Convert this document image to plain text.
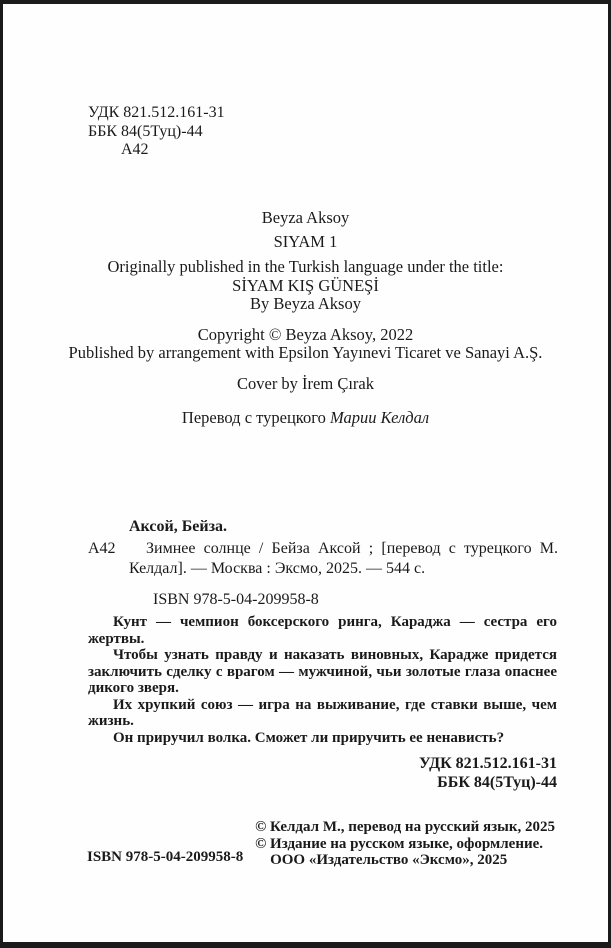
УДК 821.512.161-31
ББК 84(5Туц)-44
А42
Beyza Aksoy
SIYAM 1
Originally published in the Turkish language under the title:
SİYAM KIŞ GÜNEŞİ
By Beyza Aksoy
Copyright © Beyza Aksoy, 2022
Published by arrangement with Epsilon Yayınevi Ticaret ve Sanayi A.Ş.
Cover by İrem Çırak
Перевод с турецкого Марии Келдал

Аксой, Бейза.

А42	Зимнее солнце / Бейза Аксой ; [перевод с турецкого М. Келдал]. — Москва : Эксмо, 2025. — 544 с.

ISBN 978-5-04-209958-8

Кунт — чемпион боксерского ринга, Караджа — сестра его жертвы.

Чтобы узнать правду и наказать виновных, Карадже придется заключить сделку с врагом — мужчиной, чьи золотые глаза опаснее дикого зверя.

Их хрупкий союз — игра на выживание, где ставки выше, чем жизнь.

Он приручил волка. Сможет ли приручить ее ненависть?

УДК 821.512.161-31
ББК 84(5Туц)-44
ISBN 978-5-04-209958-8
© Келдал М., перевод на русский язык, 2025
© Издание на русском языке, оформление.
ООО «Издательство «Эксмо», 2025
